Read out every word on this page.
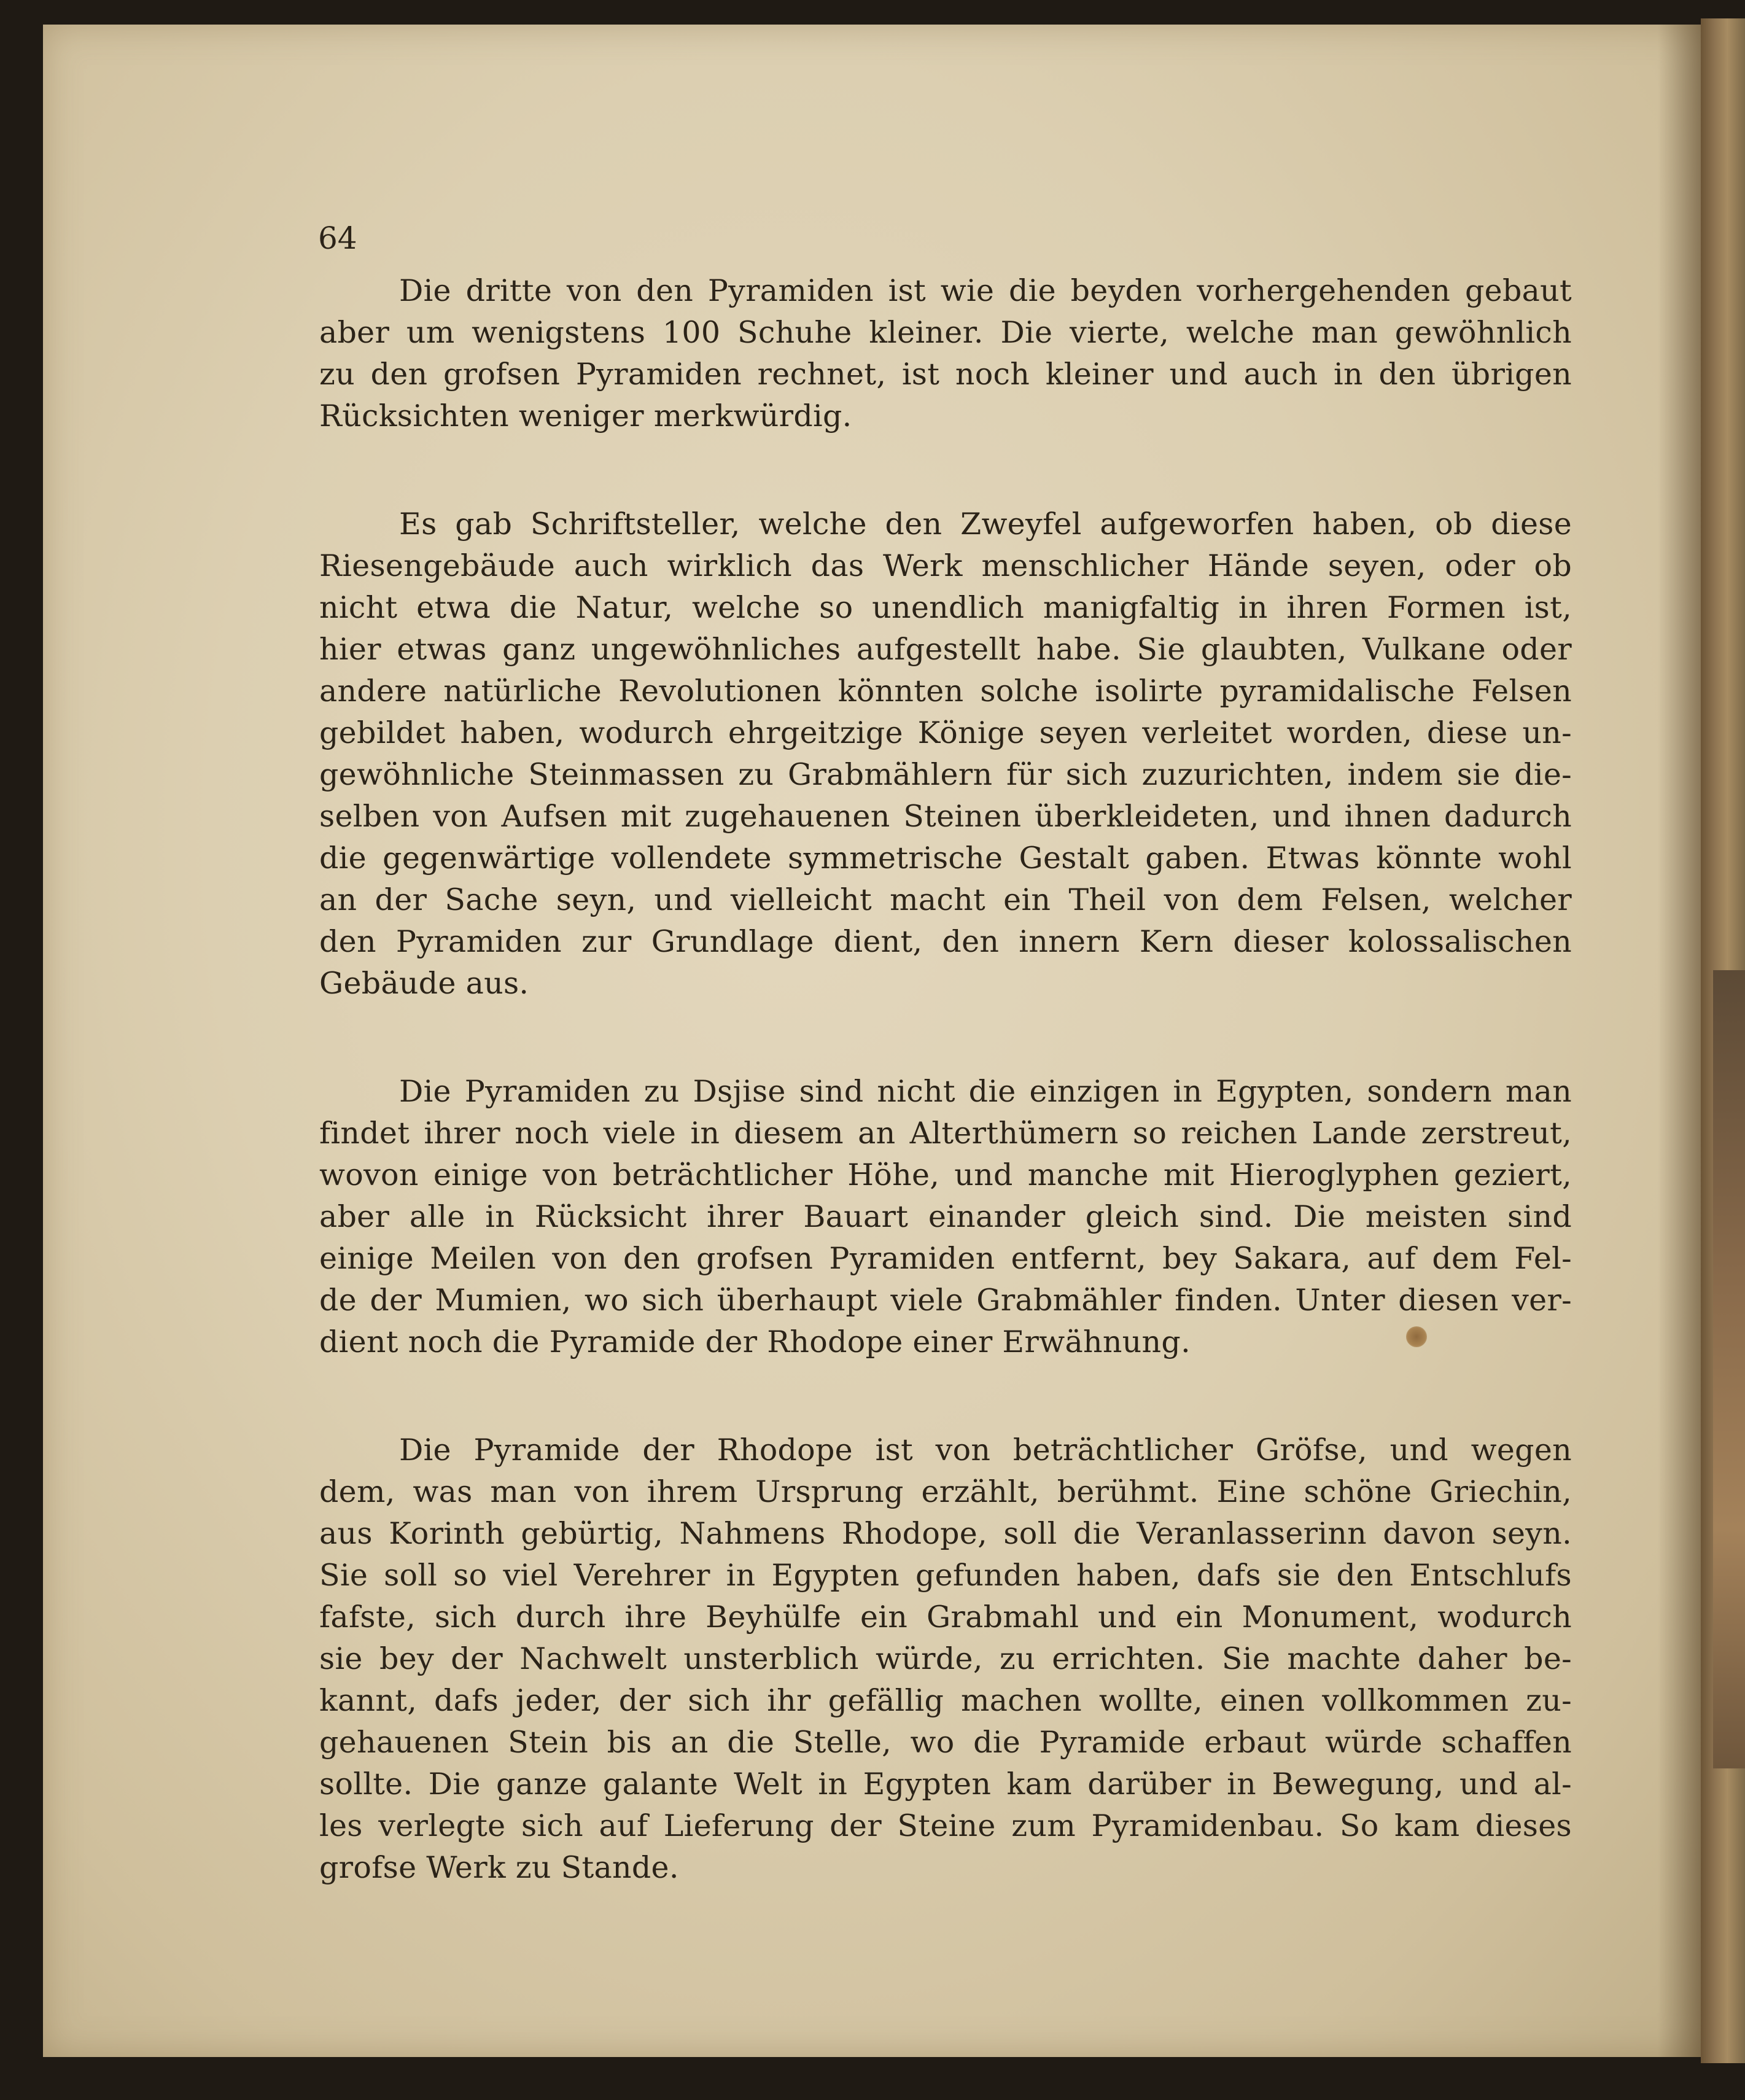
64
Die dritte von den Pyramiden ist wie die beyden vorhergehenden gebaut
aber um wenigstens 100 Schuhe kleiner. Die vierte, welche man gewöhnlich
zu den grofsen Pyramiden rechnet, ist noch kleiner und auch in den übrigen
Rücksichten weniger merkwürdig.
Es gab Schriftsteller, welche den Zweyfel aufgeworfen haben, ob diese
Riesengebäude auch wirklich das Werk menschlicher Hände seyen, oder ob
nicht etwa die Natur, welche so unendlich manigfaltig in ihren Formen ist,
hier etwas ganz ungewöhnliches aufgestellt habe. Sie glaubten, Vulkane oder
andere natürliche Revolutionen könnten solche isolirte pyramidalische Felsen
gebildet haben, wodurch ehrgeitzige Könige seyen verleitet worden, diese un-
gewöhnliche Steinmassen zu Grabmählern für sich zuzurichten, indem sie die-
selben von Aufsen mit zugehauenen Steinen überkleideten, und ihnen dadurch
die gegenwärtige vollendete symmetrische Gestalt gaben. Etwas könnte wohl
an der Sache seyn, und vielleicht macht ein Theil von dem Felsen, welcher
den Pyramiden zur Grundlage dient, den innern Kern dieser kolossalischen
Gebäude aus.
Die Pyramiden zu Dsjise sind nicht die einzigen in Egypten, sondern man
findet ihrer noch viele in diesem an Alterthümern so reichen Lande zerstreut,
wovon einige von beträchtlicher Höhe, und manche mit Hieroglyphen geziert,
aber alle in Rücksicht ihrer Bauart einander gleich sind. Die meisten sind
einige Meilen von den grofsen Pyramiden entfernt, bey Sakara, auf dem Fel-
de der Mumien, wo sich überhaupt viele Grabmähler finden. Unter diesen ver-
dient noch die Pyramide der Rhodope einer Erwähnung.
Die Pyramide der Rhodope ist von beträchtlicher Gröfse, und wegen
dem, was man von ihrem Ursprung erzählt, berühmt. Eine schöne Griechin,
aus Korinth gebürtig, Nahmens Rhodope, soll die Veranlasserinn davon seyn.
Sie soll so viel Verehrer in Egypten gefunden haben, dafs sie den Entschlufs
fafste, sich durch ihre Beyhülfe ein Grabmahl und ein Monument, wodurch
sie bey der Nachwelt unsterblich würde, zu errichten. Sie machte daher be-
kannt, dafs jeder, der sich ihr gefällig machen wollte, einen vollkommen zu-
gehauenen Stein bis an die Stelle, wo die Pyramide erbaut würde schaffen
sollte. Die ganze galante Welt in Egypten kam darüber in Bewegung, und al-
les verlegte sich auf Lieferung der Steine zum Pyramidenbau. So kam dieses
grofse Werk zu Stande.
